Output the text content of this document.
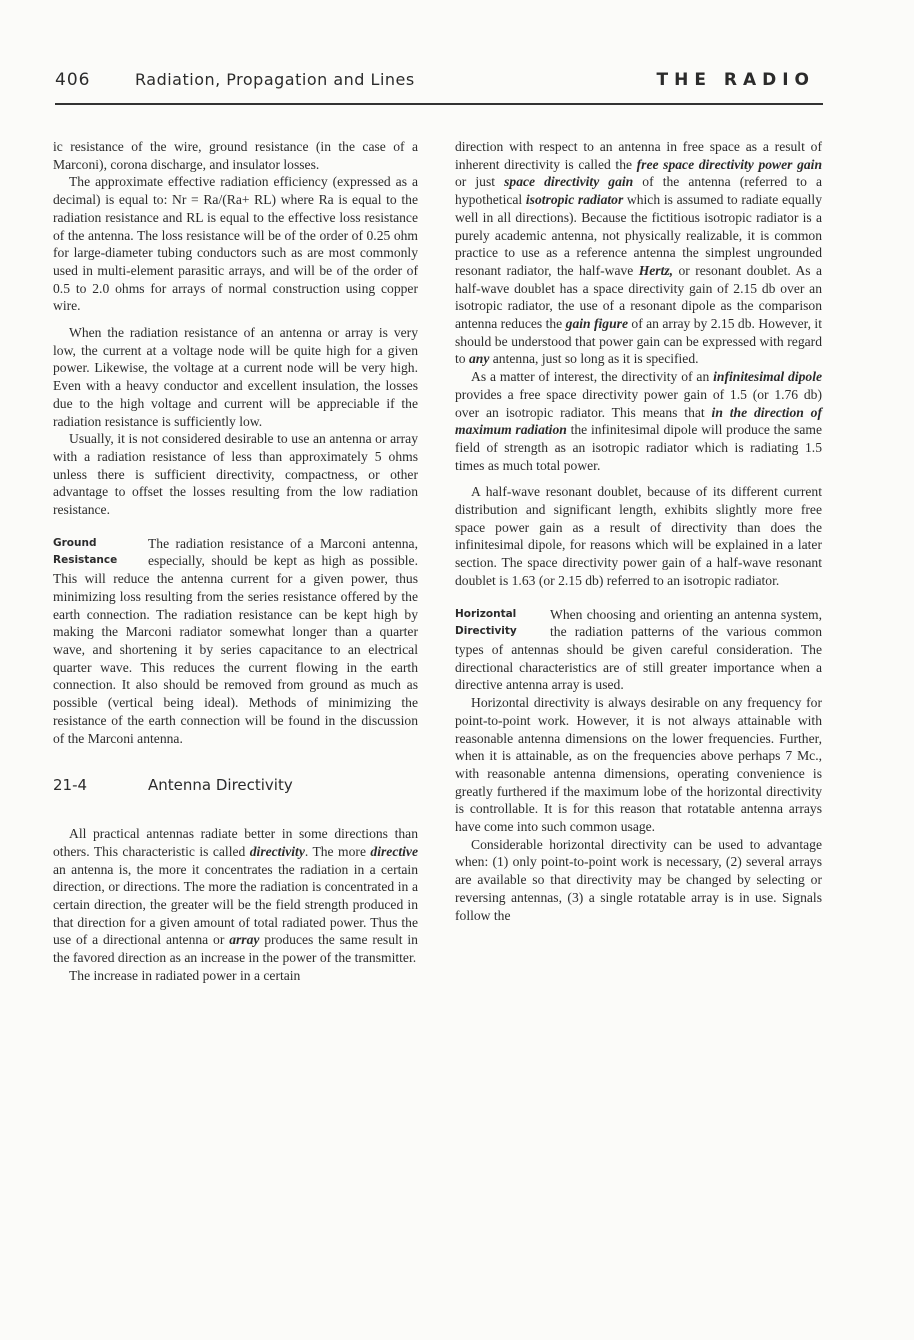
406	Radiation, Propagation and Lines	THE RADIO

ic resistance of the wire, ground resistance (in the case of a Marconi), corona discharge, and insulator losses.

The approximate effective radiation efficiency (expressed as a decimal) is equal to: Nr = Ra/(Ra+ RL) where Ra is equal to the radiation resistance and RL is equal to the effective loss resistance of the antenna. The loss resistance will be of the order of 0.25 ohm for large-diameter tubing conductors such as are most commonly used in multi-element parasitic arrays, and will be of the order of 0.5 to 2.0 ohms for arrays of normal construction using copper wire.

When the radiation resistance of an antenna or array is very low, the current at a voltage node will be quite high for a given power. Likewise, the voltage at a current node will be very high. Even with a heavy conductor and excellent insulation, the losses due to the high voltage and current will be appreciable if the radiation resistance is sufficiently low.

Usually, it is not considered desirable to use an antenna or array with a radiation resistance of less than approximately 5 ohms unless there is sufficient directivity, compactness, or other advantage to offset the losses resulting from the low radiation resistance.

Ground
Resistance
The radiation resistance of a Marconi antenna, especially, should be kept as high as possible. This will reduce the antenna current for a given power, thus minimizing loss resulting from the series resistance offered by the earth connection. The radiation resistance can be kept high by making the Marconi radiator somewhat longer than a quarter wave, and shortening it by series capacitance to an electrical quarter wave. This reduces the current flowing in the earth connection. It also should be removed from ground as much as possible (vertical being ideal). Methods of minimizing the resistance of the earth connection will be found in the discussion of the Marconi antenna.
21-4	Antenna Directivity

All practical antennas radiate better in some directions than others. This characteristic is called directivity. The more directive an antenna is, the more it concentrates the radiation in a certain direction, or directions. The more the radiation is concentrated in a certain direction, the greater will be the field strength produced in that direction for a given amount of total radiated power. Thus the use of a directional antenna or array produces the same result in the favored direction as an increase in the power of the transmitter.

The increase in radiated power in a certain

direction with respect to an antenna in free space as a result of inherent directivity is called the free space directivity power gain or just space directivity gain of the antenna (referred to a hypothetical isotropic radiator which is assumed to radiate equally well in all directions). Because the fictitious isotropic radiator is a purely academic antenna, not physically realizable, it is common practice to use as a reference antenna the simplest ungrounded resonant radiator, the half-wave Hertz, or resonant doublet. As a half-wave doublet has a space directivity gain of 2.15 db over an isotropic radiator, the use of a resonant dipole as the comparison antenna reduces the gain figure of an array by 2.15 db. However, it should be understood that power gain can be expressed with regard to any antenna, just so long as it is specified.

As a matter of interest, the directivity of an infinitesimal dipole provides a free space directivity power gain of 1.5 (or 1.76 db) over an isotropic radiator. This means that in the direction of maximum radiation the infinitesimal dipole will produce the same field of strength as an isotropic radiator which is radiating 1.5 times as much total power.

A half-wave resonant doublet, because of its different current distribution and significant length, exhibits slightly more free space power gain as a result of directivity than does the infinitesimal dipole, for reasons which will be explained in a later section. The space directivity power gain of a half-wave resonant doublet is 1.63 (or 2.15 db) referred to an isotropic radiator.

Horizontal
Directivity
When choosing and orienting an antenna system, the radiation patterns of the various common types of antennas should be given careful consideration. The directional characteristics are of still greater importance when a directive antenna array is used.

Horizontal directivity is always desirable on any frequency for point-to-point work. However, it is not always attainable with reasonable antenna dimensions on the lower frequencies. Further, when it is attainable, as on the frequencies above perhaps 7 Mc., with reasonable antenna dimensions, operating convenience is greatly furthered if the maximum lobe of the horizontal directivity is controllable. It is for this reason that rotatable antenna arrays have come into such common usage.

Considerable horizontal directivity can be used to advantage when: (1) only point-to-point work is necessary, (2) several arrays are available so that directivity may be changed by selecting or reversing antennas, (3) a single rotatable array is in use. Signals follow the
